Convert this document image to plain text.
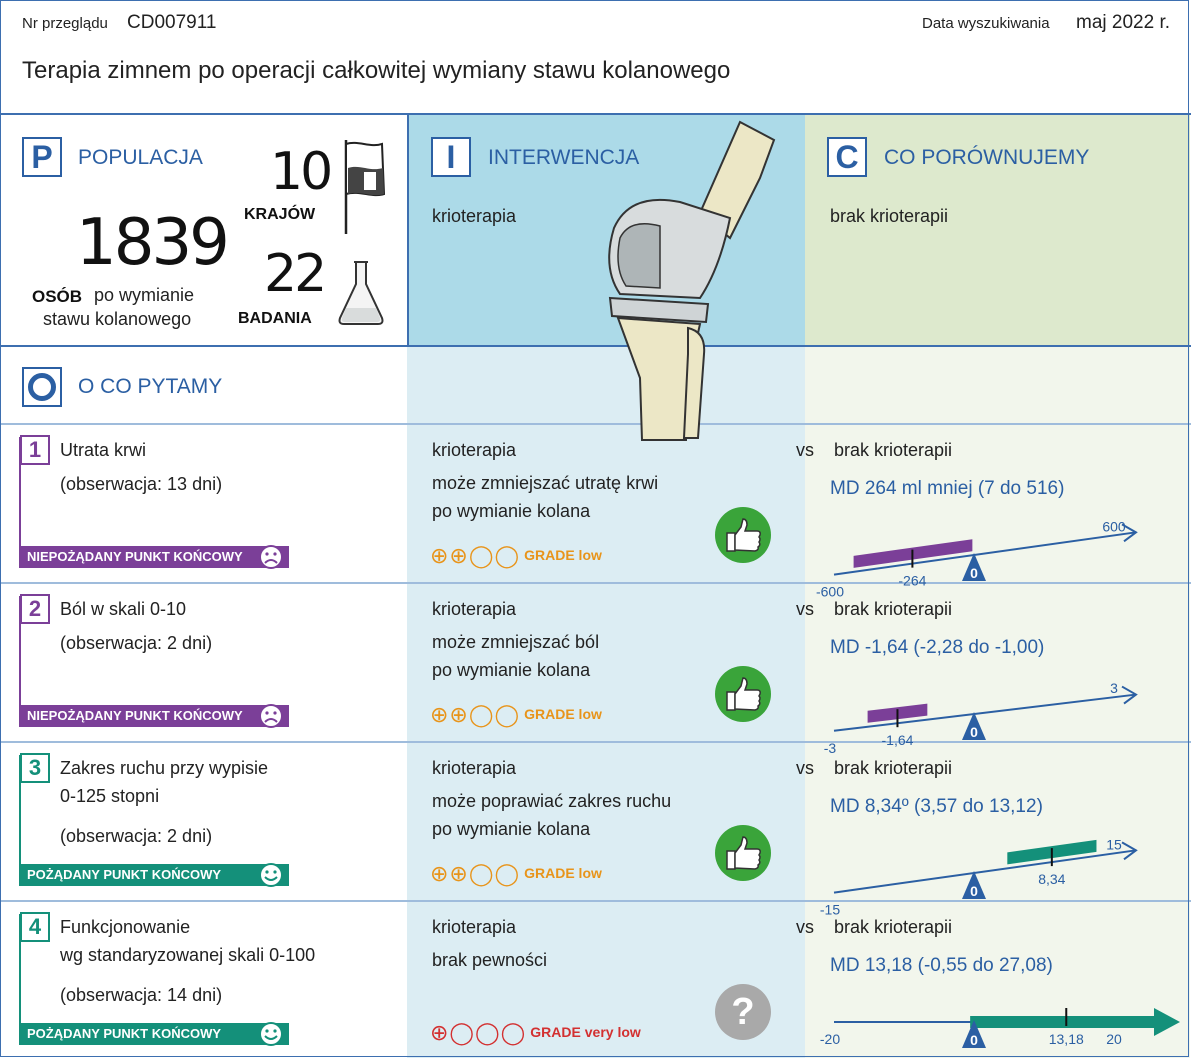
Nr przeglądu CD007911	Data wyszukiwania maj 2022 r.
Terapia zimnem po operacji całkowitej wymiany stawu kolanowego
P	POPULACJA
1839
OSÓB po wymianie
stawu kolanowego
10
KRAJÓW
22
BADANIA
I	INTERWENCJA
krioterapia
C	CO PORÓWNUJEMY
brak krioterapii
O CO PYTAMY
1	Utrata krwi
(obserwacja: 13 dni)
NIEPOŻĄDANY PUNKT KOŃCOWY
krioterapia
może zmniejszać utratę krwi
po wymianie kolana
⊕⊕◯◯ GRADE low
vs brak krioterapii
MD 264 ml mniej (7 do 516)
0
-600
600
-264
2	Ból w skali 0-10
(obserwacja: 2 dni)
NIEPOŻĄDANY PUNKT KOŃCOWY
krioterapia
może zmniejszać ból
po wymianie kolana
⊕⊕◯◯ GRADE low
vs brak krioterapii
MD -1,64 (-2,28 do -1,00)
0
-3
3
-1,64
3	Zakres ruchu przy wypisie
0-125 stopni
(obserwacja: 2 dni)
POŻĄDANY PUNKT KOŃCOWY
krioterapia
może poprawiać zakres ruchu
po wymianie kolana
⊕⊕◯◯ GRADE low
vs brak krioterapii
MD 8,34º (3,57 do 13,12)
0
-15
15
8,34
4	Funkcjonowanie
wg standaryzowanej skali 0-100
(obserwacja: 14 dni)
POŻĄDANY PUNKT KOŃCOWY
krioterapia
brak pewności
⊕◯◯◯ GRADE very low ?
vs brak krioterapii
MD 13,18 (-0,55 do 27,08)
0
-20	20
13,18
